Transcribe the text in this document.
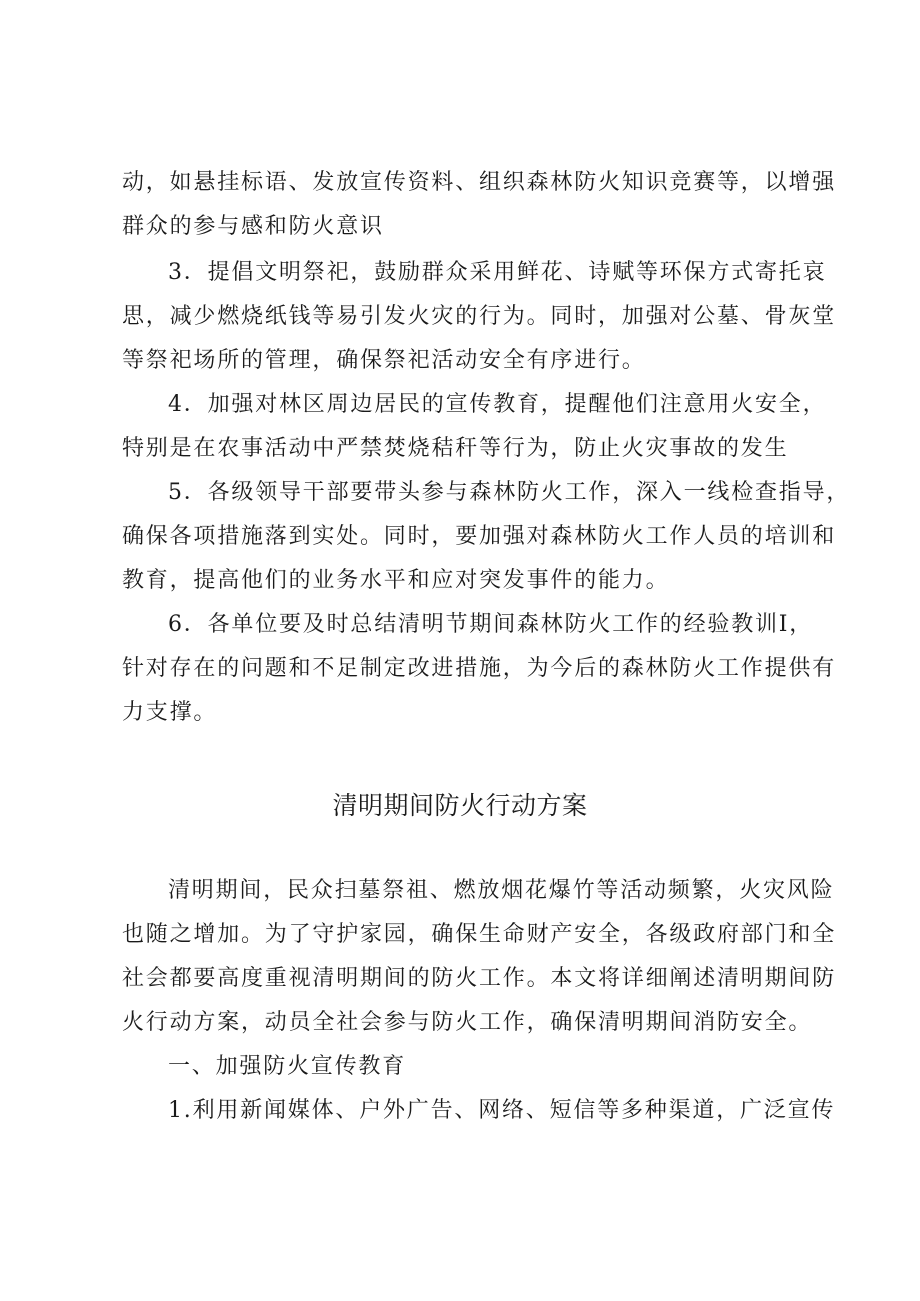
动，如悬挂标语、发放宣传资料、组织森林防火知识竞赛等，以增强
群众的参与感和防火意识
3．提倡文明祭祀，鼓励群众采用鲜花、诗赋等环保方式寄托哀
思，减少燃烧纸钱等易引发火灾的行为。同时，加强对公墓、骨灰堂
等祭祀场所的管理，确保祭祀活动安全有序进行。
4．加强对林区周边居民的宣传教育，提醒他们注意用火安全，
特别是在农事活动中严禁焚烧秸秆等行为，防止火灾事故的发生
5．各级领导干部要带头参与森林防火工作，深入一线检查指导，
确保各项措施落到实处。同时，要加强对森林防火工作人员的培训和
教育，提高他们的业务水平和应对突发事件的能力。
6．各单位要及时总结清明节期间森林防火工作的经验教训I，
针对存在的问题和不足制定改进措施，为今后的森林防火工作提供有
力支撑。
清明期间防火行动方案
清明期间，民众扫墓祭祖、燃放烟花爆竹等活动频繁，火灾风险
也随之增加。为了守护家园，确保生命财产安全，各级政府部门和全
社会都要高度重视清明期间的防火工作。本文将详细阐述清明期间防
火行动方案，动员全社会参与防火工作，确保清明期间消防安全。
一、加强防火宣传教育
1.利用新闻媒体、户外广告、网络、短信等多种渠道，广泛宣传
